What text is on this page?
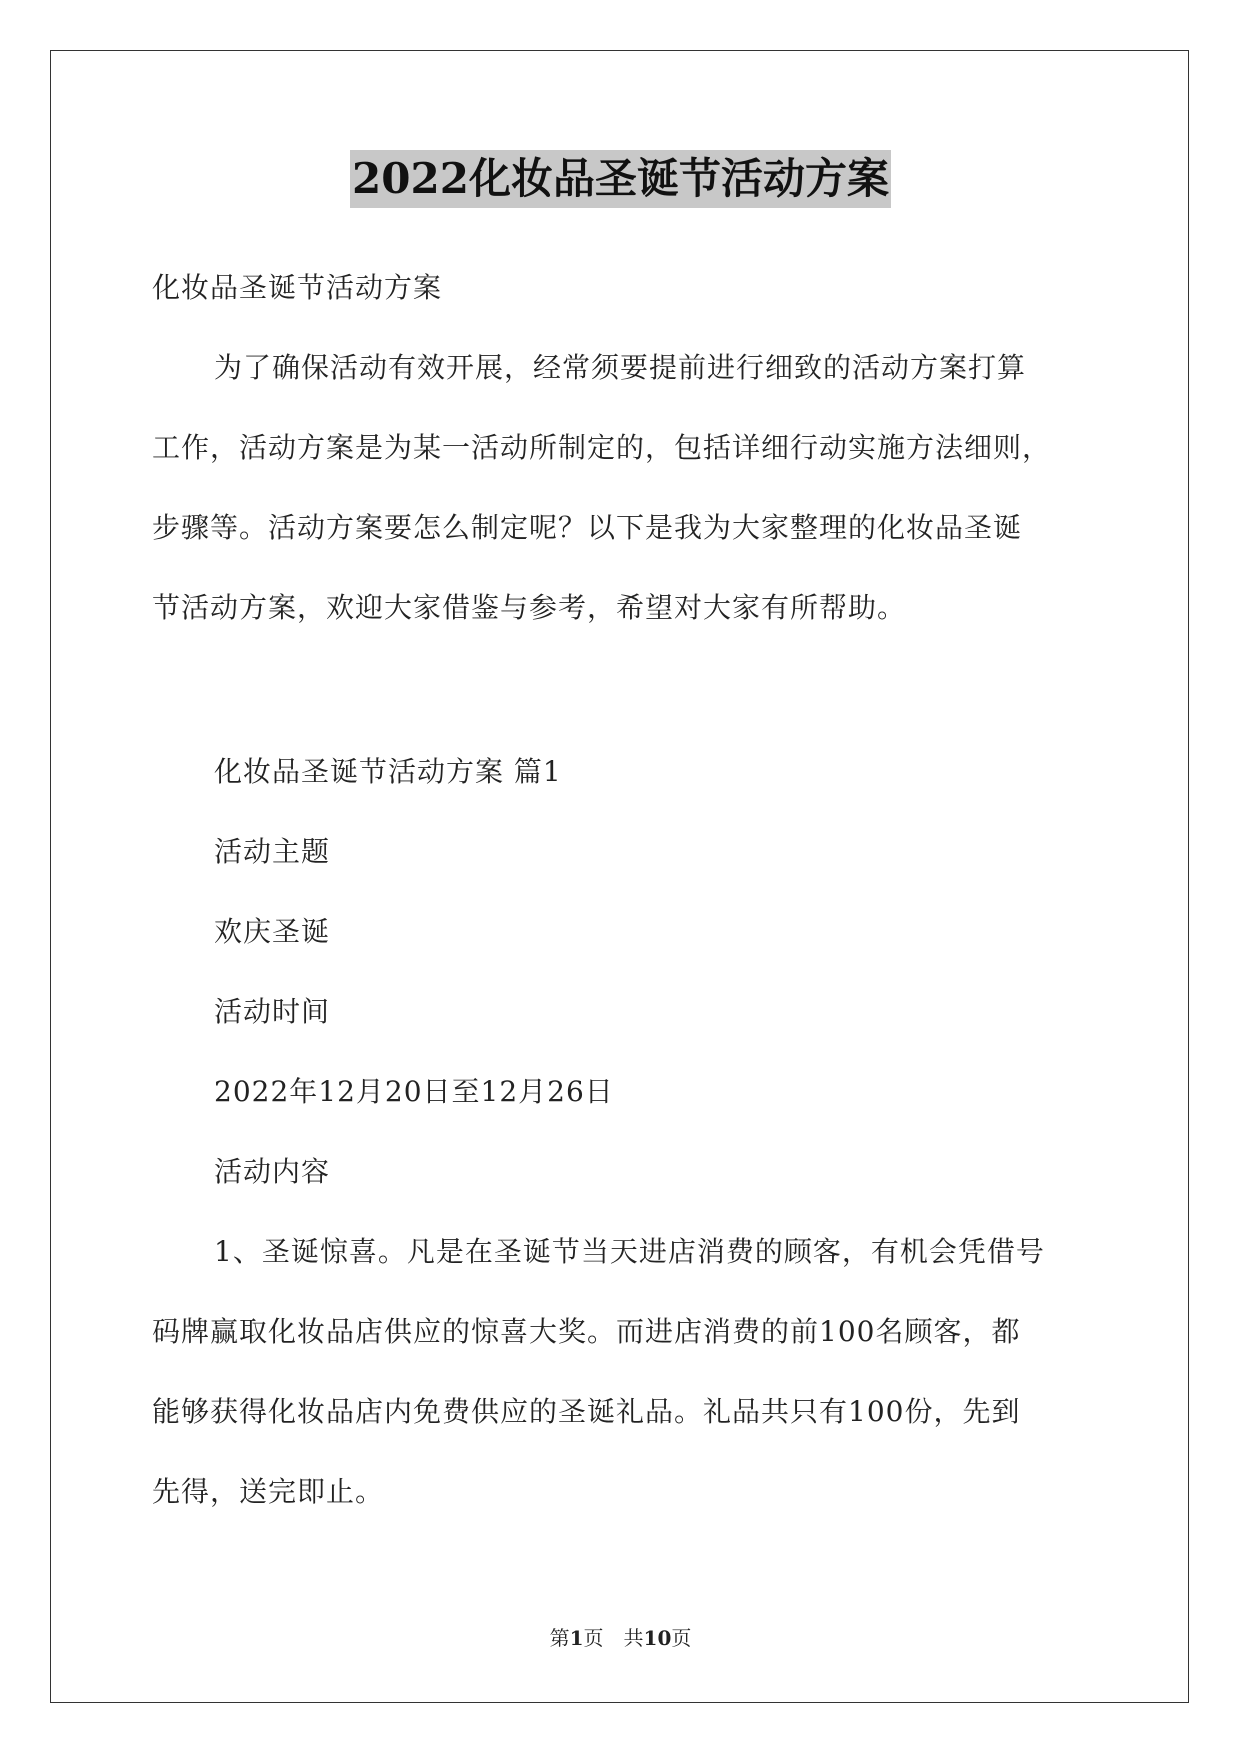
2022化妆品圣诞节活动方案
化妆品圣诞节活动方案
为了确保活动有效开展，经常须要提前进行细致的活动方案打算
工作，活动方案是为某一活动所制定的，包括详细行动实施方法细则，
步骤等。活动方案要怎么制定呢？以下是我为大家整理的化妆品圣诞
节活动方案，欢迎大家借鉴与参考，希望对大家有所帮助。
化妆品圣诞节活动方案 篇1
活动主题
欢庆圣诞
活动时间
2022年12月20日至12月26日
活动内容
1、圣诞惊喜。凡是在圣诞节当天进店消费的顾客，有机会凭借号
码牌赢取化妆品店供应的惊喜大奖。而进店消费的前100名顾客，都
能够获得化妆品店内免费供应的圣诞礼品。礼品共只有100份，先到
先得，送完即止。
第1页 共10页
